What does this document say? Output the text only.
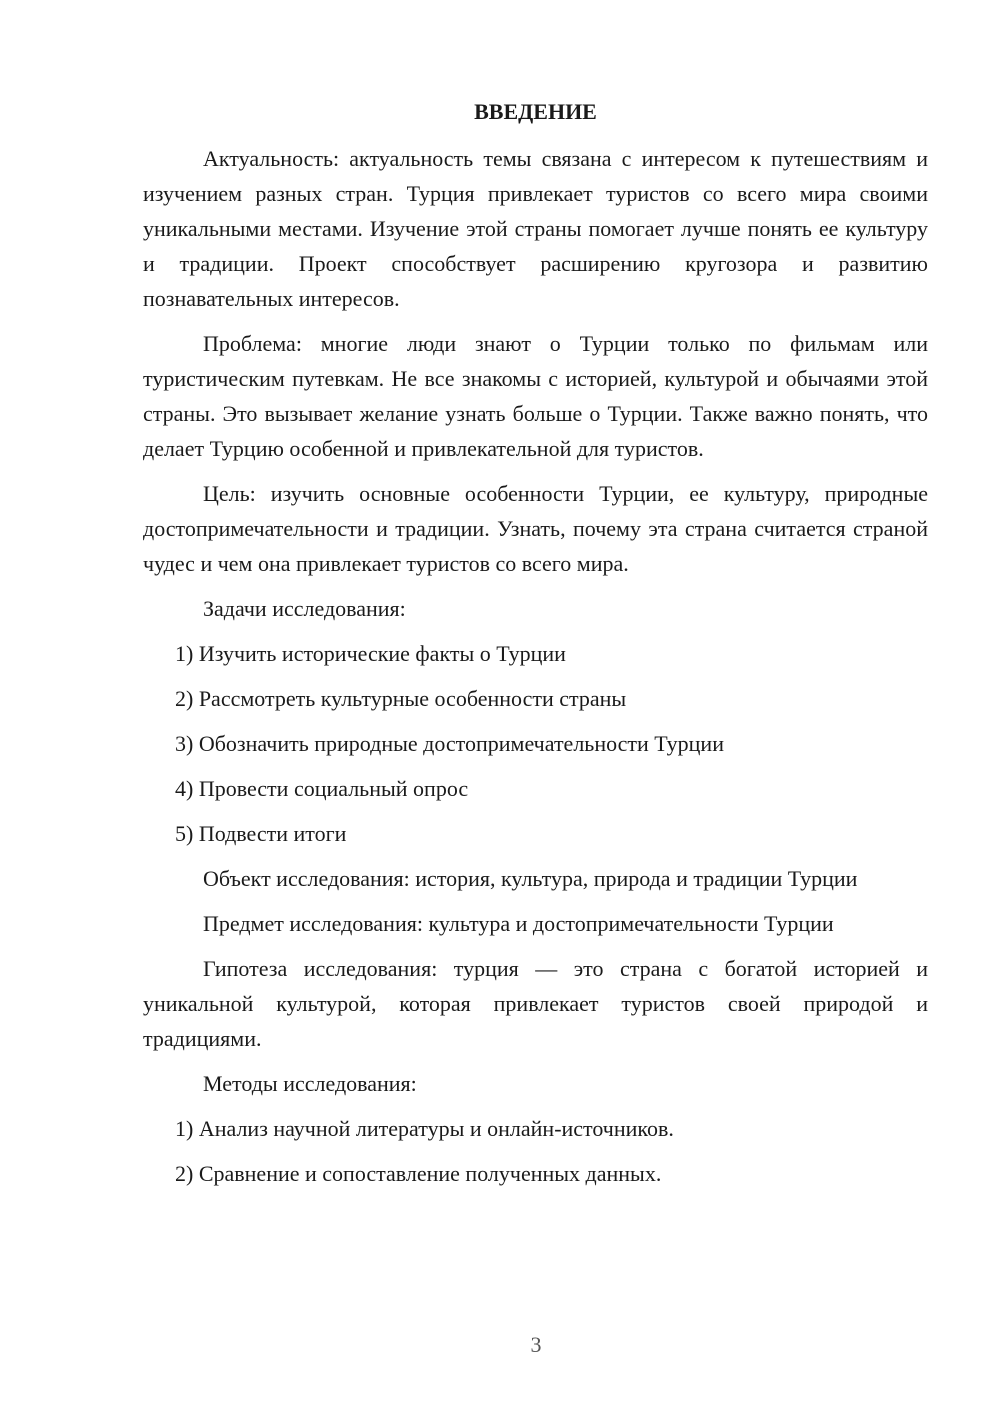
ВВЕДЕНИЕ

Актуальность: актуальность темы связана с интересом к путешествиям и изучением разных стран. Турция привлекает туристов со всего мира своими уникальными местами. Изучение этой страны помогает лучше понять ее культуру и традиции. Проект способствует расширению кругозора и развитию познавательных интересов.

Проблема: многие люди знают о Турции только по фильмам или туристическим путевкам. Не все знакомы с историей, культурой и обычаями этой страны. Это вызывает желание узнать больше о Турции. Также важно понять, что делает Турцию особенной и привлекательной для туристов.

Цель: изучить основные особенности Турции, ее культуру, природные достопримечательности и традиции. Узнать, почему эта страна считается страной чудес и чем она привлекает туристов со всего мира.

Задачи исследования:

1) Изучить исторические факты о Турции

2) Рассмотреть культурные особенности страны

3) Обозначить природные достопримечательности Турции

4) Провести социальный опрос

5) Подвести итоги

Объект исследования: история, культура, природа и традиции Турции

Предмет исследования: культура и достопримечательности Турции

Гипотеза исследования: турция — это страна с богатой историей и уникальной культурой, которая привлекает туристов своей природой и традициями.

Методы исследования:

1) Анализ научной литературы и онлайн-источников.

2) Сравнение и сопоставление полученных данных.

3
